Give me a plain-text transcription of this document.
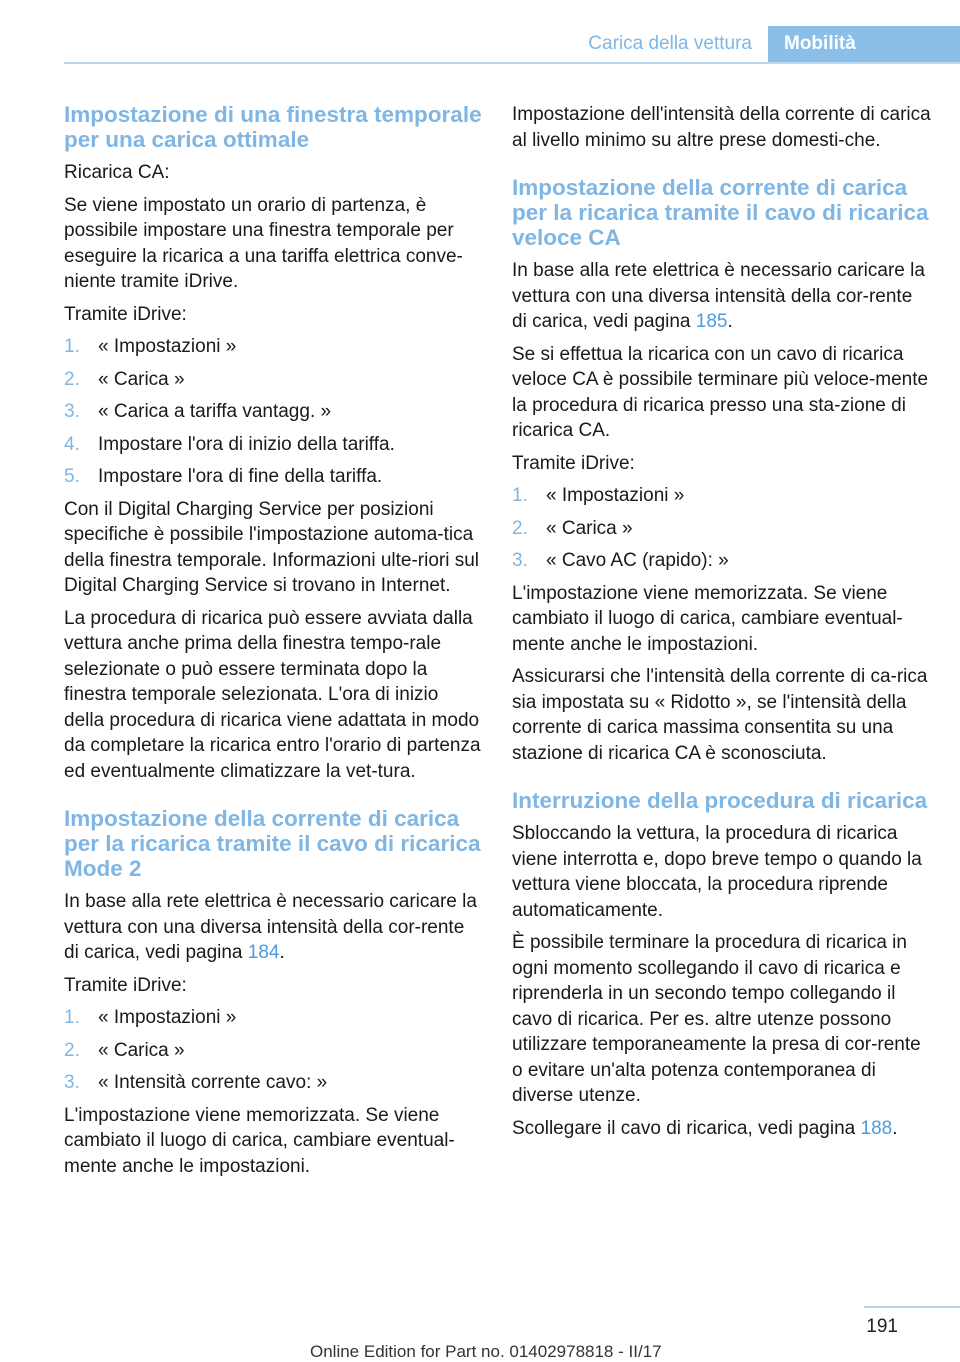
Carica della vettura	Mobilità
Impostazione di una finestra temporale per una carica ottimale

Ricarica CA:

Se viene impostato un orario di partenza, è possibile impostare una finestra temporale per eseguire la ricarica a una tariffa elettrica conve‐niente tramite iDrive.

Tramite iDrive:

1. « Impostazioni »
2. « Carica »
3. « Carica a tariffa vantagg. »
4. Impostare l'ora di inizio della tariffa.
5. Impostare l'ora di fine della tariffa.

Con il Digital Charging Service per posizioni specifiche è possibile l'impostazione automa‐tica della finestra temporale. Informazioni ulte‐riori sul Digital Charging Service si trovano in Internet.

La procedura di ricarica può essere avviata dalla vettura anche prima della finestra tempo‐rale selezionate o può essere terminata dopo la finestra temporale selezionata. L'ora di inizio della procedura di ricarica viene adattata in modo da completare la ricarica entro l'orario di partenza ed eventualmente climatizzare la vet‐tura.

Impostazione della corrente di carica per la ricarica tramite il cavo di ricarica Mode 2

In base alla rete elettrica è necessario caricare la vettura con una diversa intensità della cor‐rente di carica, vedi pagina 184.

Tramite iDrive:

1. « Impostazioni »
2. « Carica »
3. « Intensità corrente cavo: »

L'impostazione viene memorizzata. Se viene cambiato il luogo di carica, cambiare eventual‐mente anche le impostazioni.

Impostazione dell'intensità della corrente di carica al livello minimo su altre prese domesti‐che.

Impostazione della corrente di carica per la ricarica tramite il cavo di ricarica veloce CA

In base alla rete elettrica è necessario caricare la vettura con una diversa intensità della cor‐rente di carica, vedi pagina 185.

Se si effettua la ricarica con un cavo di ricarica veloce CA è possibile terminare più veloce‐mente la procedura di ricarica presso una sta‐zione di ricarica CA.

Tramite iDrive:

1. « Impostazioni »
2. « Carica »
3. « Cavo AC (rapido): »

L'impostazione viene memorizzata. Se viene cambiato il luogo di carica, cambiare eventual‐mente anche le impostazioni.

Assicurarsi che l'intensità della corrente di ca‐rica sia impostata su « Ridotto », se l'intensità della corrente di carica massima consentita su una stazione di ricarica CA è sconosciuta.

Interruzione della procedura di ricarica

Sbloccando la vettura, la procedura di ricarica viene interrotta e, dopo breve tempo o quando la vettura viene bloccata, la procedura riprende automaticamente.

È possibile terminare la procedura di ricarica in ogni momento scollegando il cavo di ricarica e riprenderla in un secondo tempo collegando il cavo di ricarica. Per es. altre utenze possono utilizzare temporaneamente la presa di cor‐rente o evitare un'alta potenza contemporanea di diverse utenze.

Scollegare il cavo di ricarica, vedi pagina 188.

191
Online Edition for Part no. 01402978818 - II/17
